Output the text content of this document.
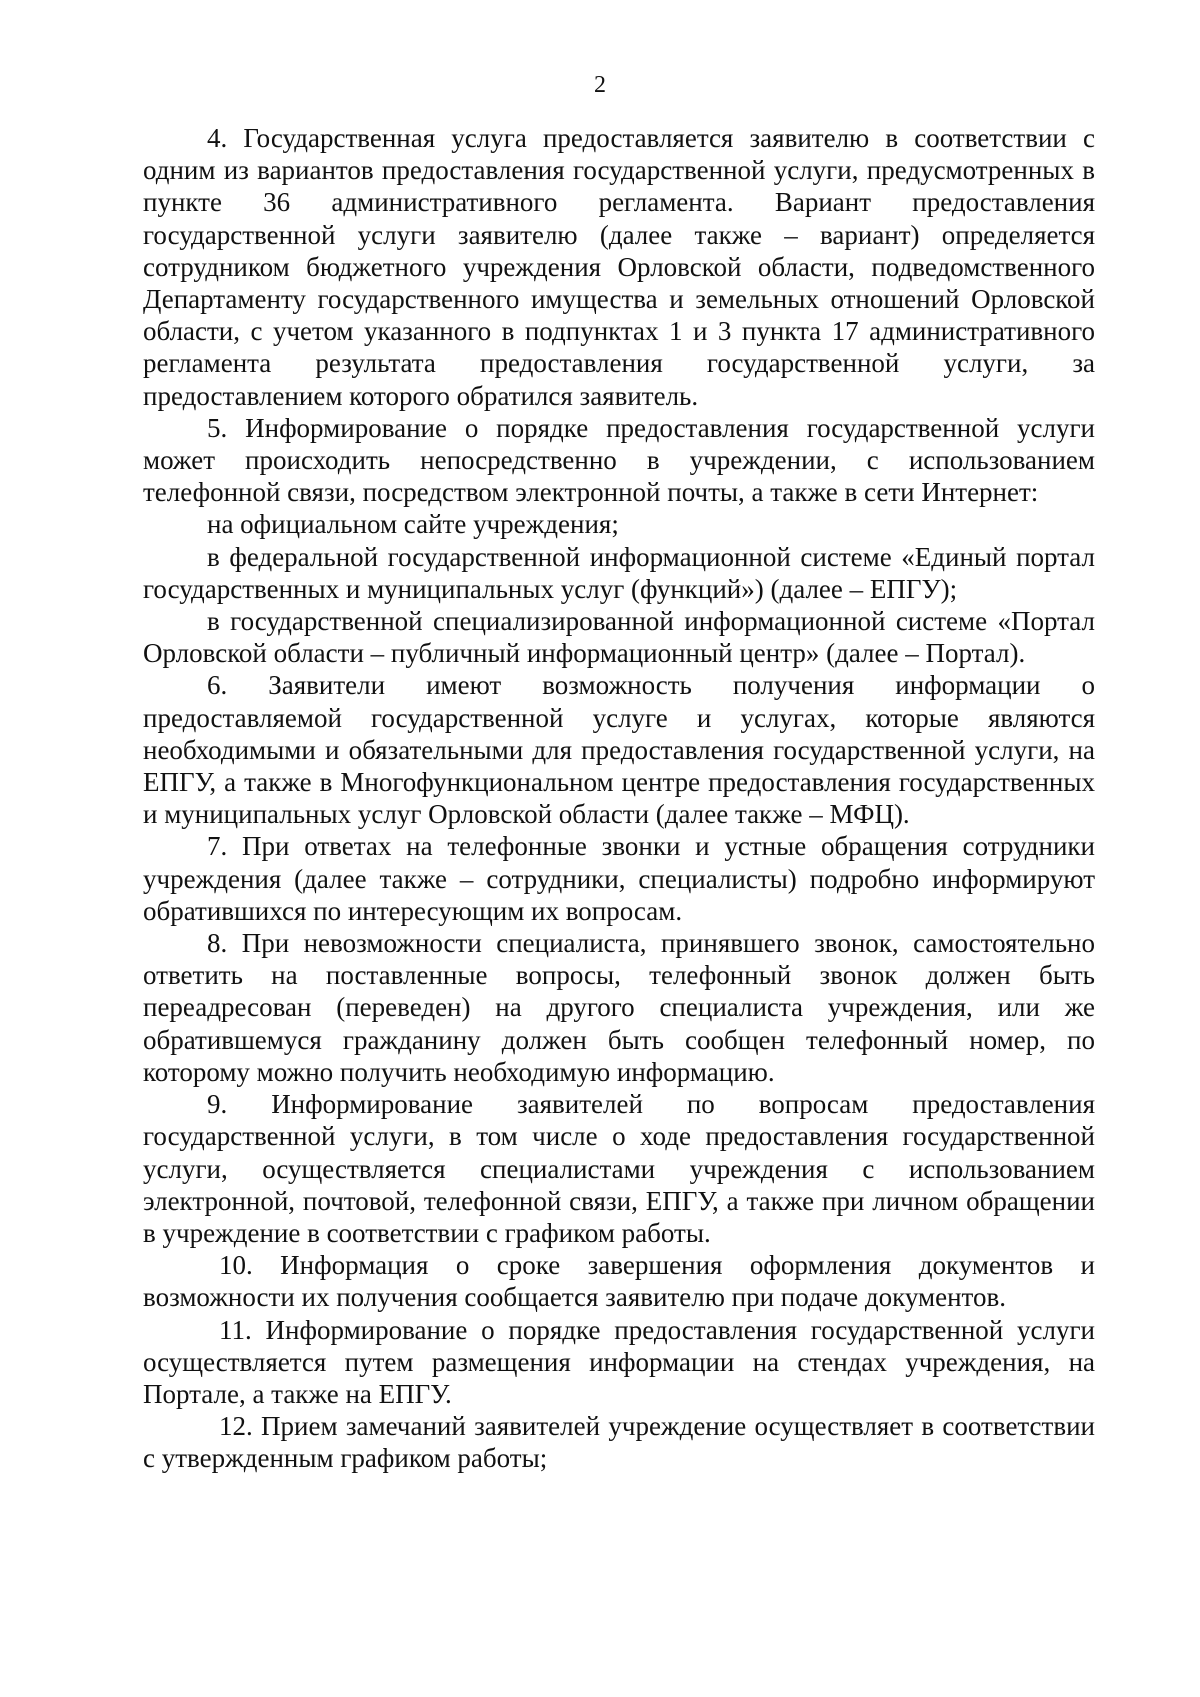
2

4. Государственная услуга предоставляется заявителю в соответствии с одним из вариантов предоставления государственной услуги, предусмотренных в пункте 36 административного регламента. Вариант предоставления государственной услуги заявителю (далее также – вариант) определяется сотрудником бюджетного учреждения Орловской области, подведомственного Департаменту государственного имущества и земельных отношений Орловской области, с учетом указанного в подпунктах 1 и 3 пункта 17 административного регламента результата предоставления государственной услуги, за предоставлением которого обратился заявитель.

5. Информирование о порядке предоставления государственной услуги может происходить непосредственно в учреждении, с использованием телефонной связи, посредством электронной почты, а также в сети Интернет:

на официальном сайте учреждения;

в федеральной государственной информационной системе «Единый портал государственных и муниципальных услуг (функций») (далее – ЕПГУ);

в государственной специализированной информационной системе «Портал Орловской области – публичный информационный центр» (далее – Портал).

6. Заявители имеют возможность получения информации о предоставляемой государственной услуге и услугах, которые являются необходимыми и обязательными для предоставления государственной услуги, на ЕПГУ, а также в Многофункциональном центре предоставления государственных и муниципальных услуг Орловской области (далее также – МФЦ).

7. При ответах на телефонные звонки и устные обращения сотрудники учреждения (далее также – сотрудники, специалисты) подробно информируют обратившихся по интересующим их вопросам.

8. При невозможности специалиста, принявшего звонок, самостоятельно ответить на поставленные вопросы, телефонный звонок должен быть переадресован (переведен) на другого специалиста учреждения, или же обратившемуся гражданину должен быть сообщен телефонный номер, по которому можно получить необходимую информацию.

9. Информирование заявителей по вопросам предоставления государственной услуги, в том числе о ходе предоставления государственной услуги, осуществляется специалистами учреждения с использованием электронной, почтовой, телефонной связи, ЕПГУ, а также при личном обращении в учреждение в соответствии с графиком работы.

10. Информация о сроке завершения оформления документов и возможности их получения сообщается заявителю при подаче документов.

11. Информирование о порядке предоставления государственной услуги осуществляется путем размещения информации на стендах учреждения, на Портале, а также на ЕПГУ.

12. Прием замечаний заявителей учреждение осуществляет в соответствии с утвержденным графиком работы;
